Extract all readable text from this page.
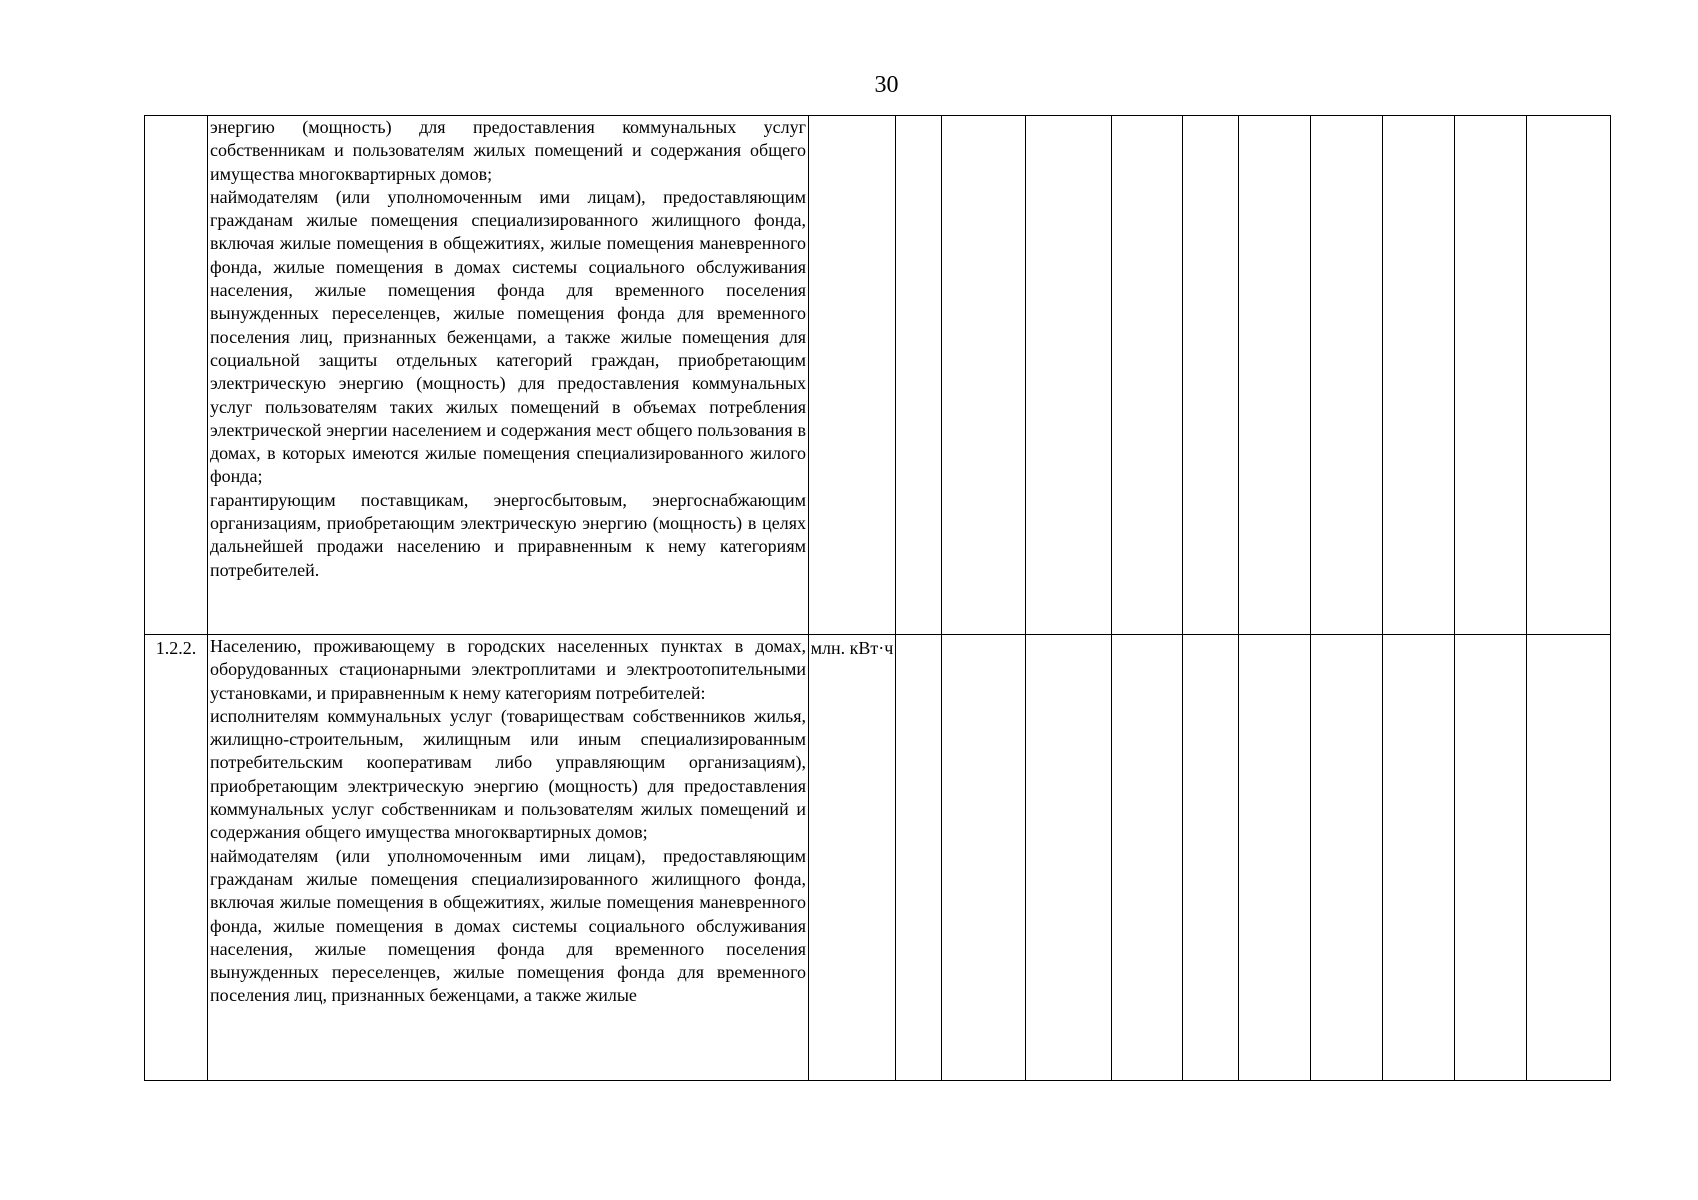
30

	энергию (мощность) для предоставления коммунальных услуг собственникам и пользователям жилых помещений и содержания общего имущества многоквартирных домов;

наймодателям (или уполномоченным ими лицам), предоставляющим гражданам жилые помещения специализированного жилищного фонда, включая жилые помещения в общежитиях, жилые помещения маневренного фонда, жилые помещения в домах системы социального обслуживания населения, жилые помещения фонда для временного поселения вынужденных переселенцев, жилые помещения фонда для временного поселения лиц, признанных беженцами, а также жилые помещения для социальной защиты отдельных категорий граждан, приобретающим электрическую энергию (мощность) для предоставления коммунальных услуг пользователям таких жилых помещений в объемах потребления электрической энергии населением и содержания мест общего пользования в домах, в которых имеются жилые помещения специализированного жилого фонда;

гарантирующим поставщикам, энергосбытовым, энергоснабжающим организациям, приобретающим электрическую энергию (мощность) в целях дальнейшей продажи населению и приравненным к нему категориям потребителей.											

1.2.2.	Населению, проживающему в городских населенных пунктах в домах, оборудованных стационарными электроплитами и электроотопительными установками, и приравненным к нему категориям потребителей:

исполнителям коммунальных услуг (товариществам собственников жилья, жилищно-строительным, жилищным или иным специализированным потребительским кооперативам либо управляющим организациям), приобретающим электрическую энергию (мощность) для предоставления коммунальных услуг собственникам и пользователям жилых помещений и содержания общего имущества многоквартирных домов;

наймодателям (или уполномоченным ими лицам), предоставляющим гражданам жилые помещения специализированного жилищного фонда, включая жилые помещения в общежитиях, жилые помещения маневренного фонда, жилые помещения в домах системы социального обслуживания населения, жилые помещения фонда для временного поселения вынужденных переселенцев, жилые помещения фонда для временного поселения лиц, признанных беженцами, а также жилые	млн. кВт·ч										
